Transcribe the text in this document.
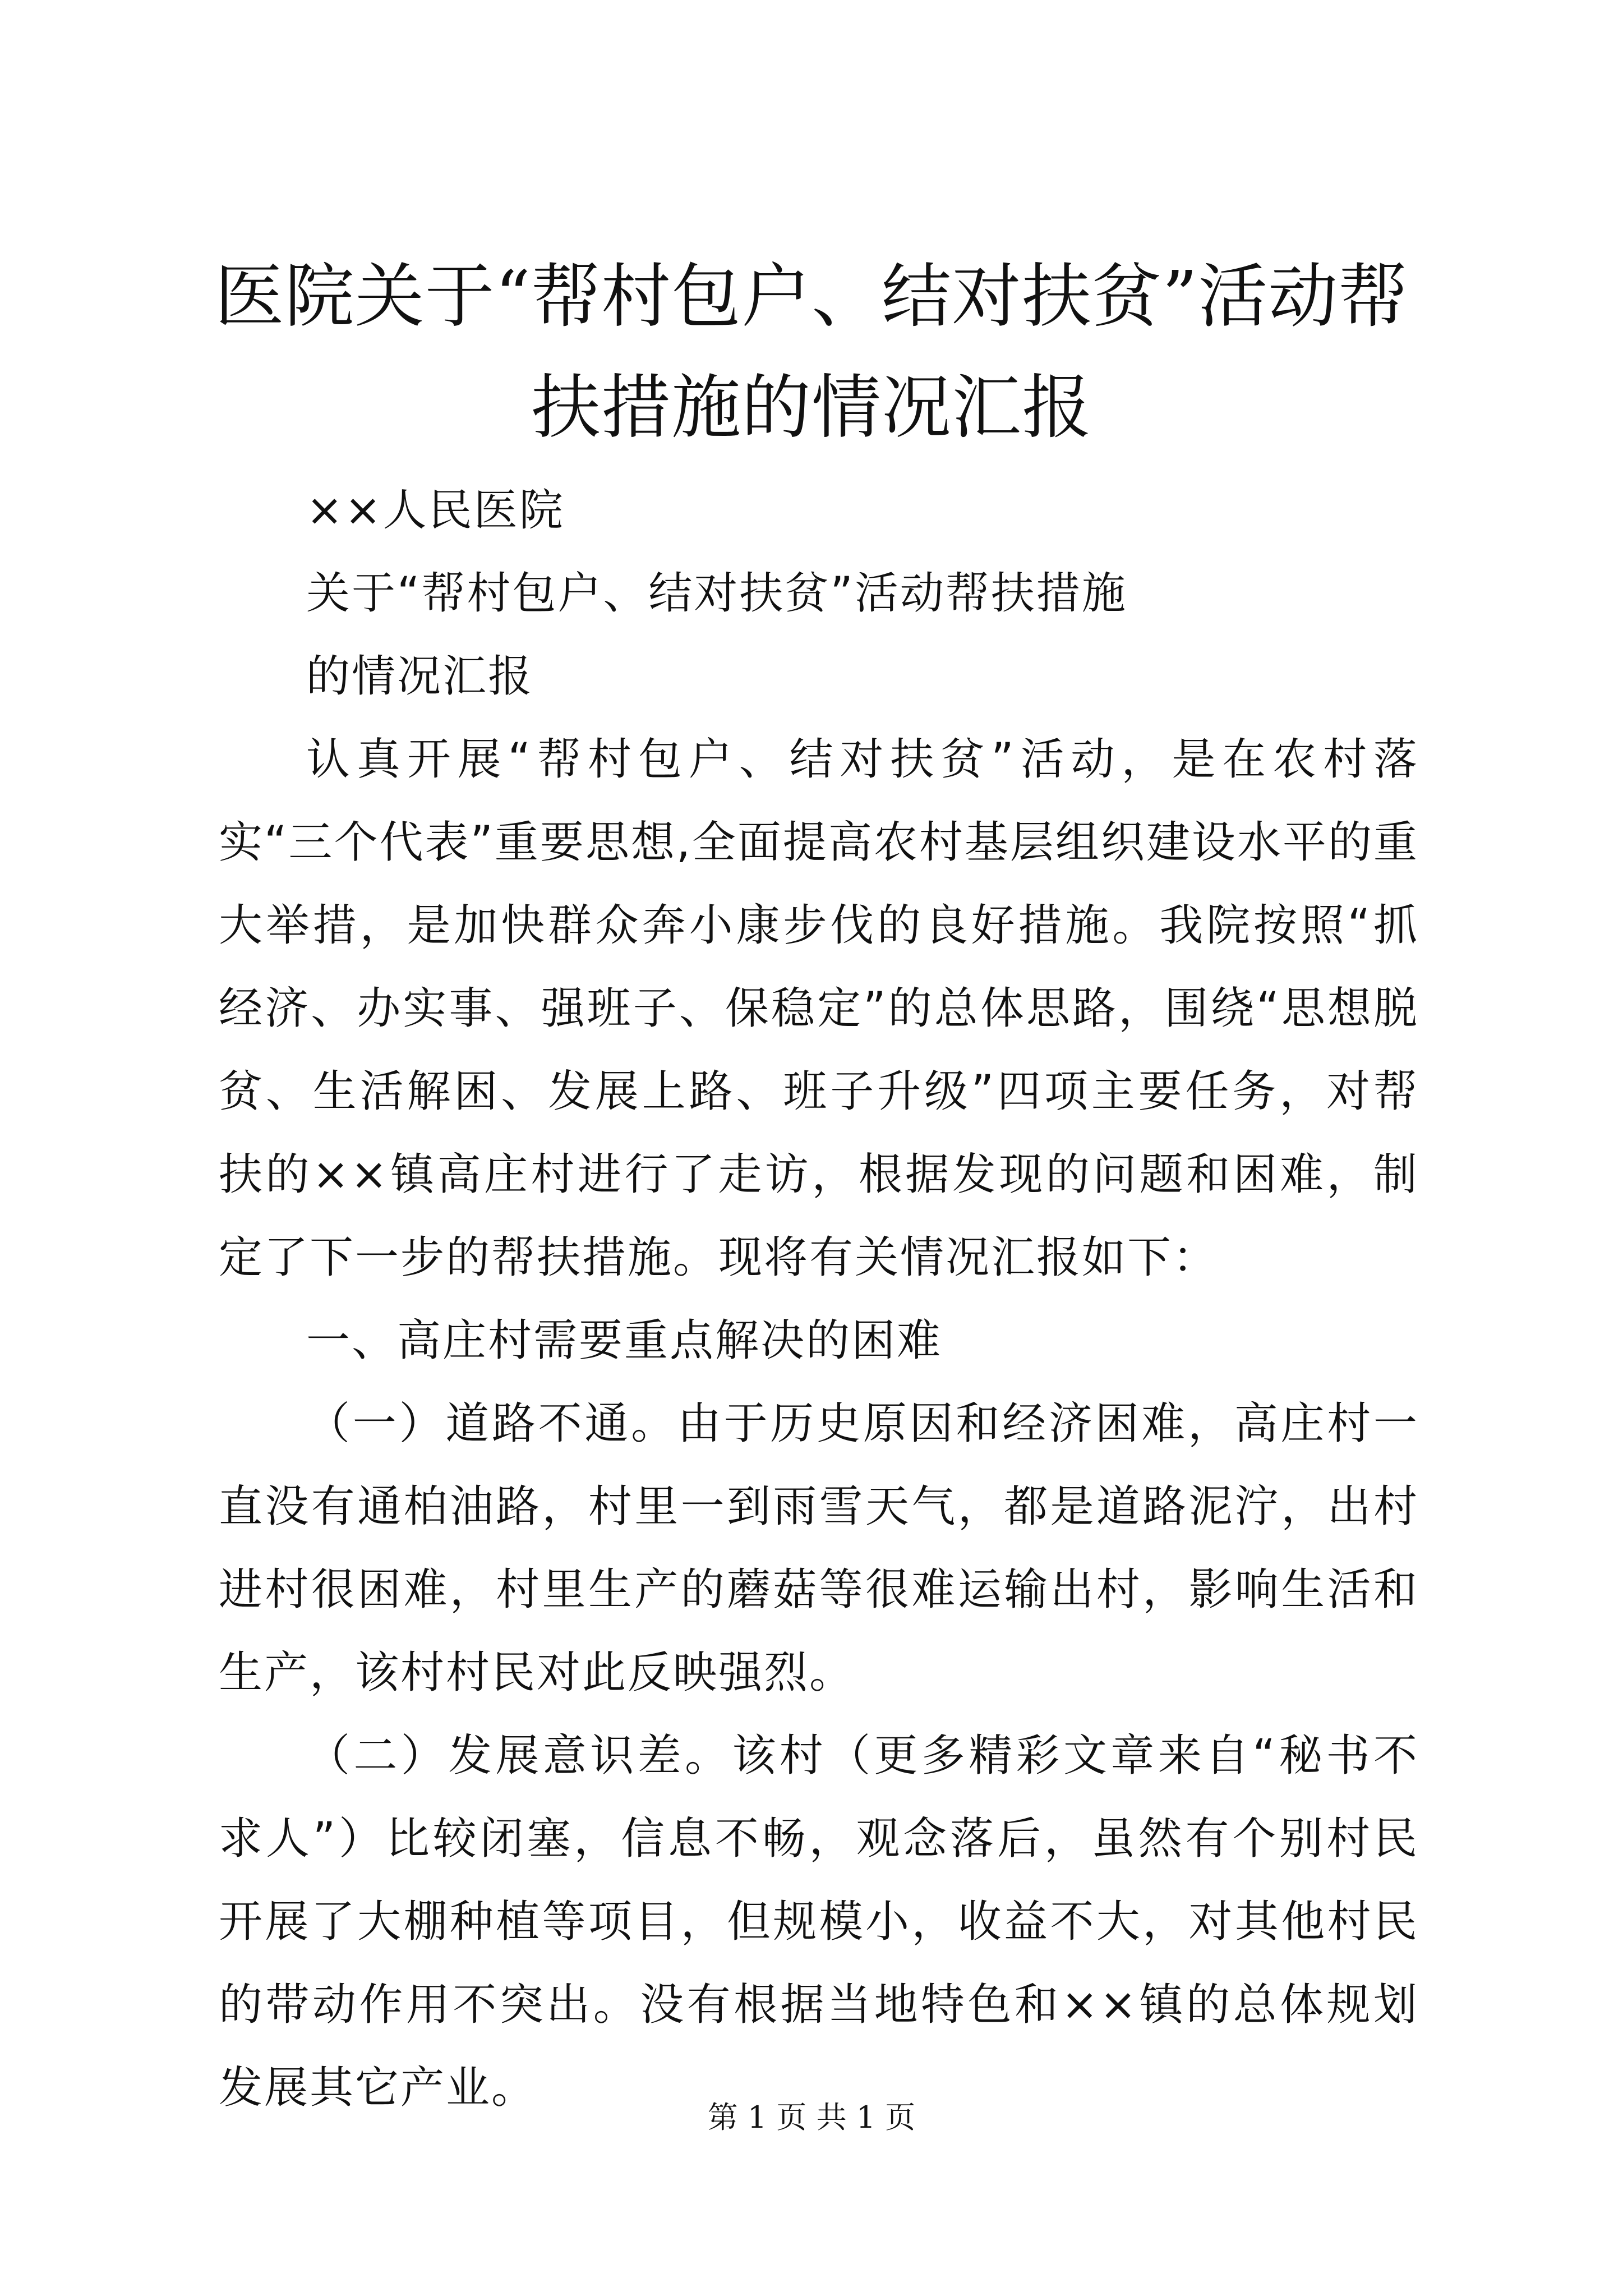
医院关于“帮村包户、结对扶贫”活动帮扶措施的情况汇报

××人民医院

关于“帮村包户、结对扶贫”活动帮扶措施

的情况汇报

认真开展“帮村包户、结对扶贫”活动，是在农村落实“三个代表”重要思想,全面提高农村基层组织建设水平的重大举措，是加快群众奔小康步伐的良好措施。我院按照“抓经济、办实事、强班子、保稳定”的总体思路，围绕“思想脱贫、生活解困、发展上路、班子升级”四项主要任务，对帮扶的××镇高庄村进行了走访，根据发现的问题和困难，制定了下一步的帮扶措施。现将有关情况汇报如下：

一、高庄村需要重点解决的困难

（一）道路不通。由于历史原因和经济困难，高庄村一直没有通柏油路，村里一到雨雪天气，都是道路泥泞，出村进村很困难，村里生产的蘑菇等很难运输出村，影响生活和生产，该村村民对此反映强烈。

（二）发展意识差。该村（更多精彩文章来自“秘书不求人”）比较闭塞，信息不畅，观念落后，虽然有个别村民开展了大棚种植等项目，但规模小，收益不大，对其他村民的带动作用不突出。没有根据当地特色和××镇的总体规划发展其它产业。

第 1 页 共 1 页
